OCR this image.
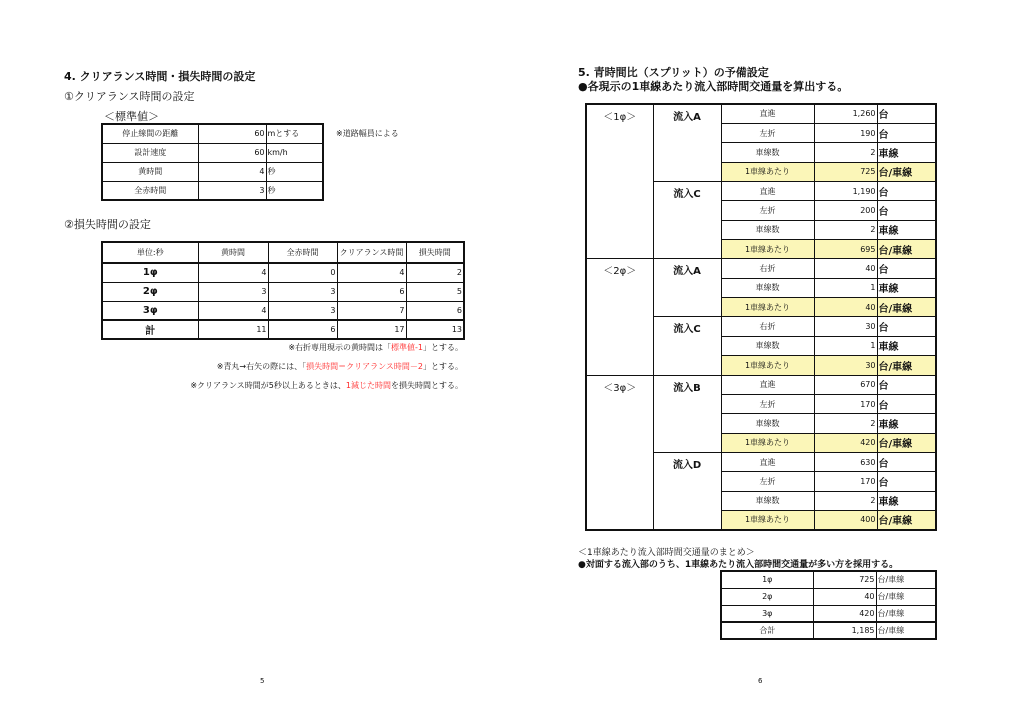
4. クリアランス時間・損失時間の設定
①クリアランス時間の設定
＜標準値＞
停止線間の距離	60	mとする
設計速度	60	km/h
黄時間	4	秒
全赤時間	3	秒
※道路幅員による
②損失時間の設定
単位:秒	黄時間	全赤時間	クリアランス時間	損失時間
1φ	4	0	4	2
2φ	3	3	6	5
3φ	4	3	7	6
計	11	6	17	13
※右折専用現示の黄時間は「標準値-1」とする。
※青丸→右矢の際には、「損失時間＝クリアランス時間－2」とする。
※クリアランス時間が5秒以上あるときは、1減じた時間を損失時間とする。
5
5. 青時間比（スプリット）の予備設定
●各現示の1車線あたり流入部時間交通量を算出する。
＜1φ＞	流入A	直進	1,260	台
		左折	190	台
		車線数	2	車線
		1車線あたり	725	台/車線
	流入C	直進	1,190	台
		左折	200	台
		車線数	2	車線
		1車線あたり	695	台/車線
＜2φ＞	流入A	右折	40	台
		車線数	1	車線
		1車線あたり	40	台/車線
	流入C	右折	30	台
		車線数	1	車線
		1車線あたり	30	台/車線
＜3φ＞	流入B	直進	670	台
		左折	170	台
		車線数	2	車線
		1車線あたり	420	台/車線
	流入D	直進	630	台
		左折	170	台
		車線数	2	車線
		1車線あたり	400	台/車線
＜1車線あたり流入部時間交通量のまとめ＞
●対面する流入部のうち、1車線あたり流入部時間交通量が多い方を採用する。
1φ	725	台/車線
2φ	40	台/車線
3φ	420	台/車線
合計	1,185	台/車線
6
